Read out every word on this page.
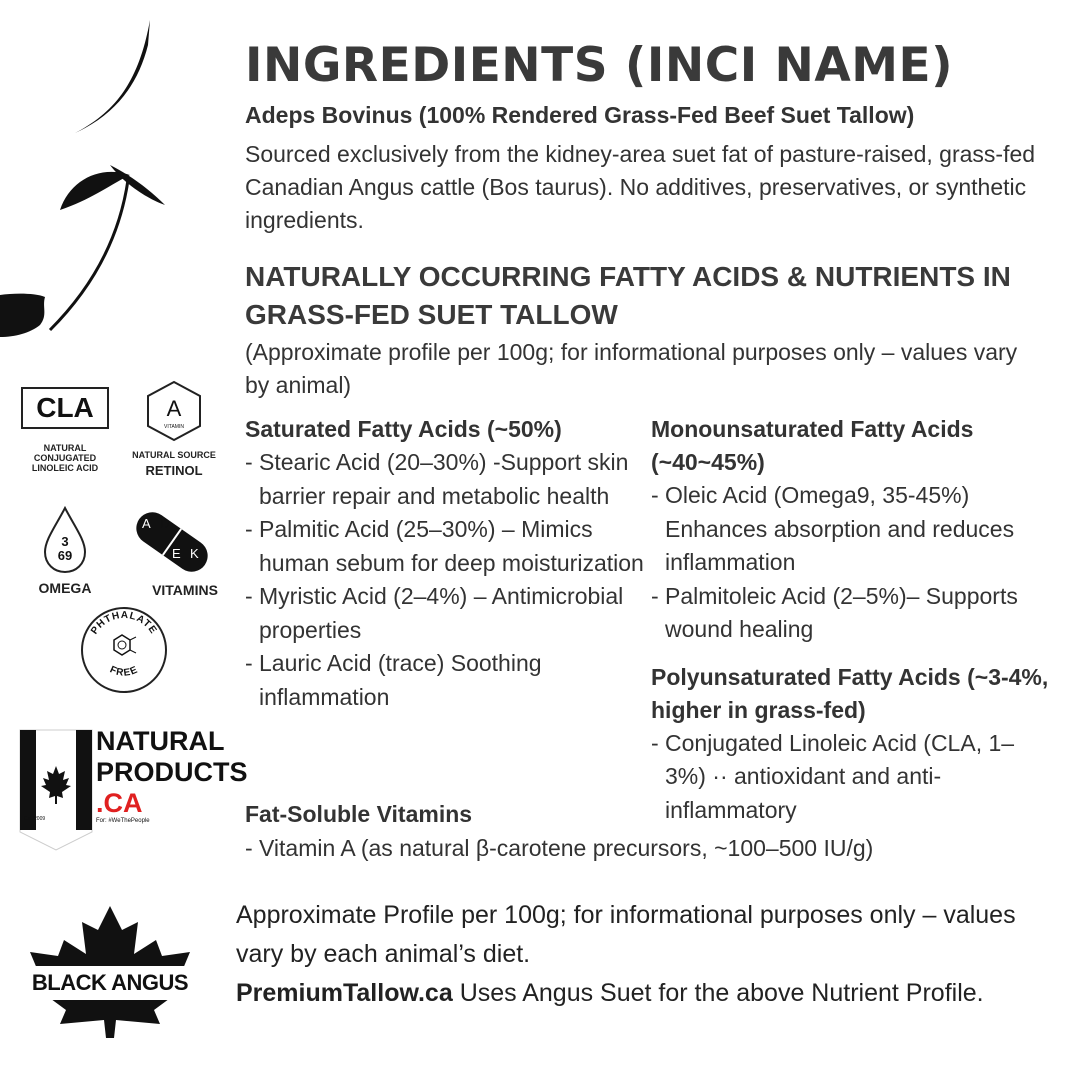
INGREDIENTS (INCI NAME)
Adeps Bovinus (100% Rendered Grass-Fed Beef Suet Tallow)
Sourced exclusively from the kidney-area suet fat of pasture-raised, grass-fed Canadian Angus cattle (Bos taurus). No additives, preservatives, or synthetic ingredients.
NATURALLY OCCURRING FATTY ACIDS & NUTRIENTS IN GRASS-FED SUET TALLOW
(Approximate profile per 100g; for informational purposes only – values vary by animal)
Saturated Fatty Acids (~50%)
- Stearic Acid (20–30%) -Support skin barrier repair and metabolic health
- Palmitic Acid (25–30%) – Mimics human sebum for deep moisturization
- Myristic Acid (2–4%) – Antimicrobial properties
- Lauric Acid (trace) Soothing inflammation
Monounsaturated Fatty Acids (~40~45%)
- Oleic Acid (Omega9, 35-45%) Enhances absorption and reduces inflammation
- Palmitoleic Acid (2–5%)– Supports wound healing
Polyunsaturated Fatty Acids (~3-4%, higher in grass-fed)
- Conjugated Linoleic Acid (CLA, 1–3%) ·· antioxidant and anti-inflammatory
Fat-Soluble Vitamins
- Vitamin A (as natural β-carotene precursors, ~100–500 IU/g)
Approximate Profile per 100g; for informational purposes only – values vary by each animal’s diet.
PremiumTallow.ca Uses Angus Suet for the above Nutrient Profile.
CLA
NATURAL CONJUGATED LINOLEIC ACID
A
VITAMIN
NATURAL SOURCE
RETINOL
3
69
OMEGA
A D
E K
VITAMINS
PHTHALATE
FREE
Est. 2009
NATURAL
PRODUCTS
.CA
For: #WeThePeople
BLACK ANGUS
